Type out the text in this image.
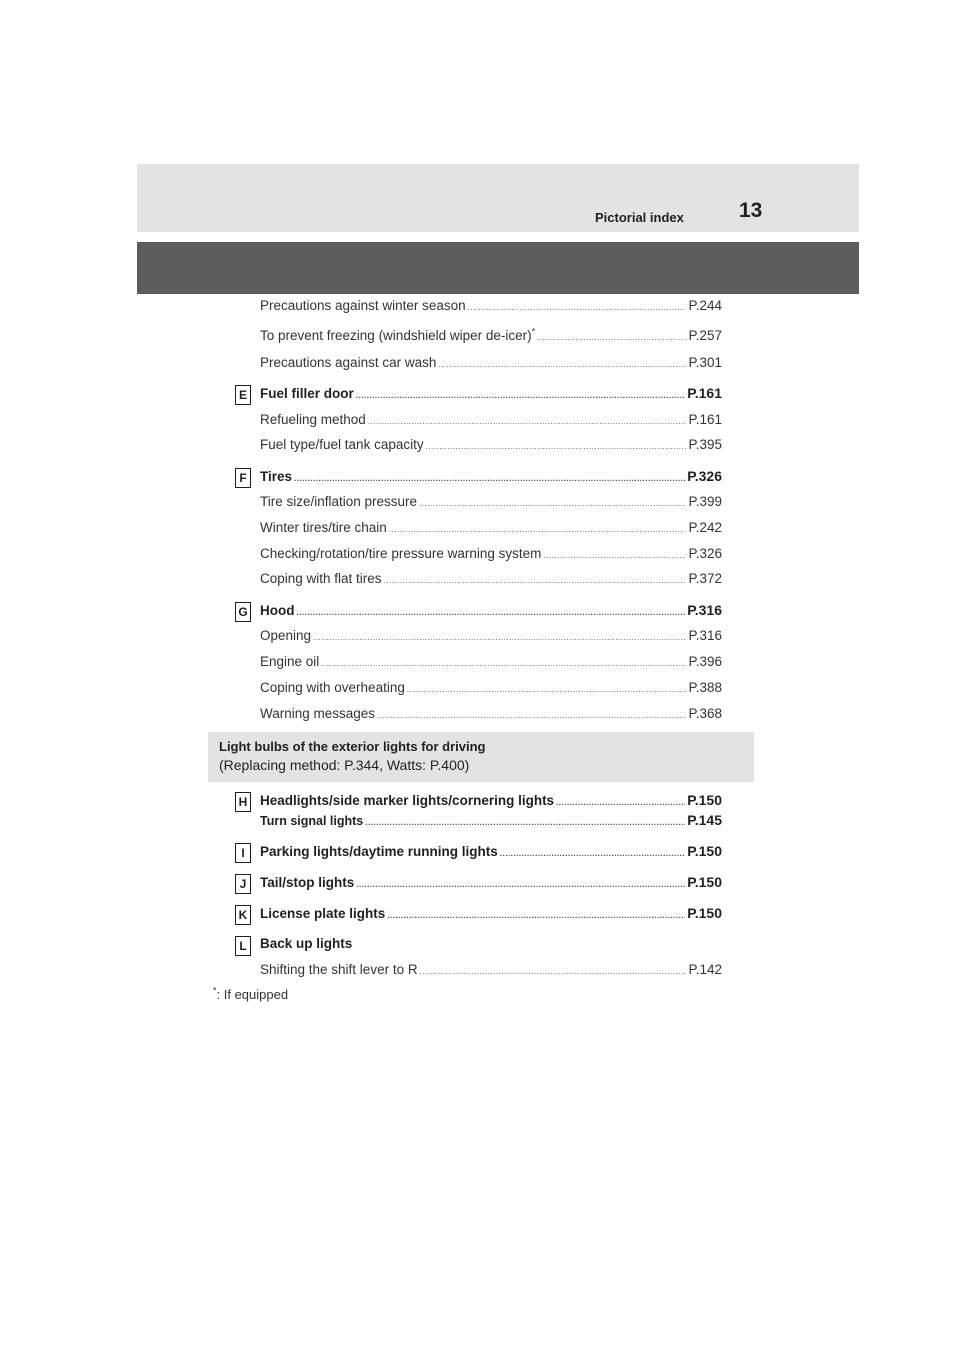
Pictorial index	13
Precautions against winter season .....	P.244
To prevent freezing (windshield wiper de-icer)* .....	P.257
Precautions against car wash .....	P.301
E Fuel filler door .....	P.161
Refueling method .....	P.161
Fuel type/fuel tank capacity .....	P.395
F Tires .....	P.326
Tire size/inflation pressure .....	P.399
Winter tires/tire chain .....	P.242
Checking/rotation/tire pressure warning system .....	P.326
Coping with flat tires .....	P.372
G Hood .....	P.316
Opening .....	P.316
Engine oil .....	P.396
Coping with overheating .....	P.388
Warning messages .....	P.368
Light bulbs of the exterior lights for driving
(Replacing method: P.344, Watts: P.400)
H Headlights/side marker lights/cornering lights .....	P.150
Turn signal lights .....	P.145
I	Parking lights/daytime running lights .....	P.150
J	Tail/stop lights .....	P.150
K License plate lights .....	P.150
L Back up lights
Shifting the shift lever to R .....	P.142
*: If equipped
